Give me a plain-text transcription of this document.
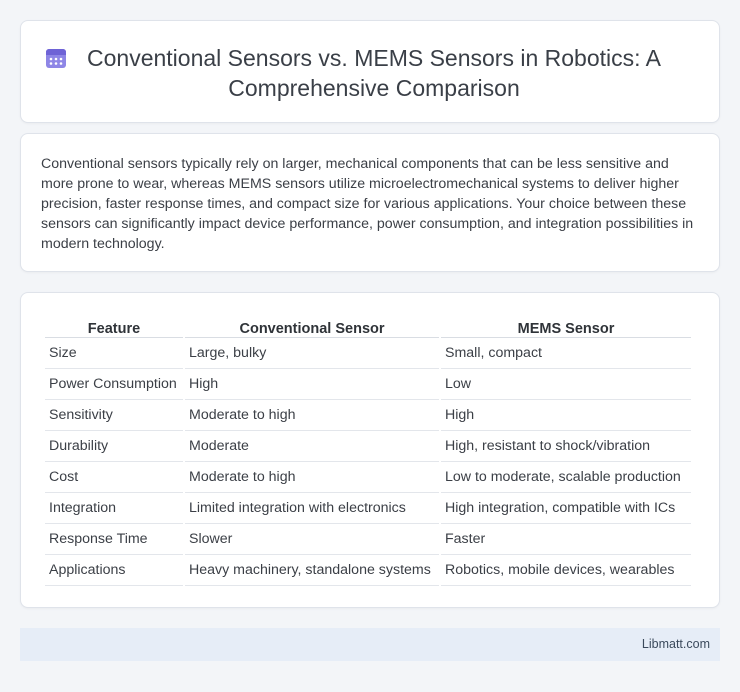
Conventional Sensors vs. MEMS Sensors in Robotics: A Comprehensive Comparison

Conventional sensors typically rely on larger, mechanical components that can be less sensitive and more prone to wear, whereas MEMS sensors utilize microelectromechanical systems to deliver higher precision, faster response times, and compact size for various applications. Your choice between these sensors can significantly impact device performance, power consumption, and integration possibilities in modern technology.

Feature	Conventional Sensor	MEMS Sensor
Size	Large, bulky	Small, compact
Power Consumption	High	Low
Sensitivity	Moderate to high	High
Durability	Moderate	High, resistant to shock/vibration
Cost	Moderate to high	Low to moderate, scalable production
Integration	Limited integration with electronics	High integration, compatible with ICs
Response Time	Slower	Faster
Applications	Heavy machinery, standalone systems	Robotics, mobile devices, wearables
Libmatt.com
